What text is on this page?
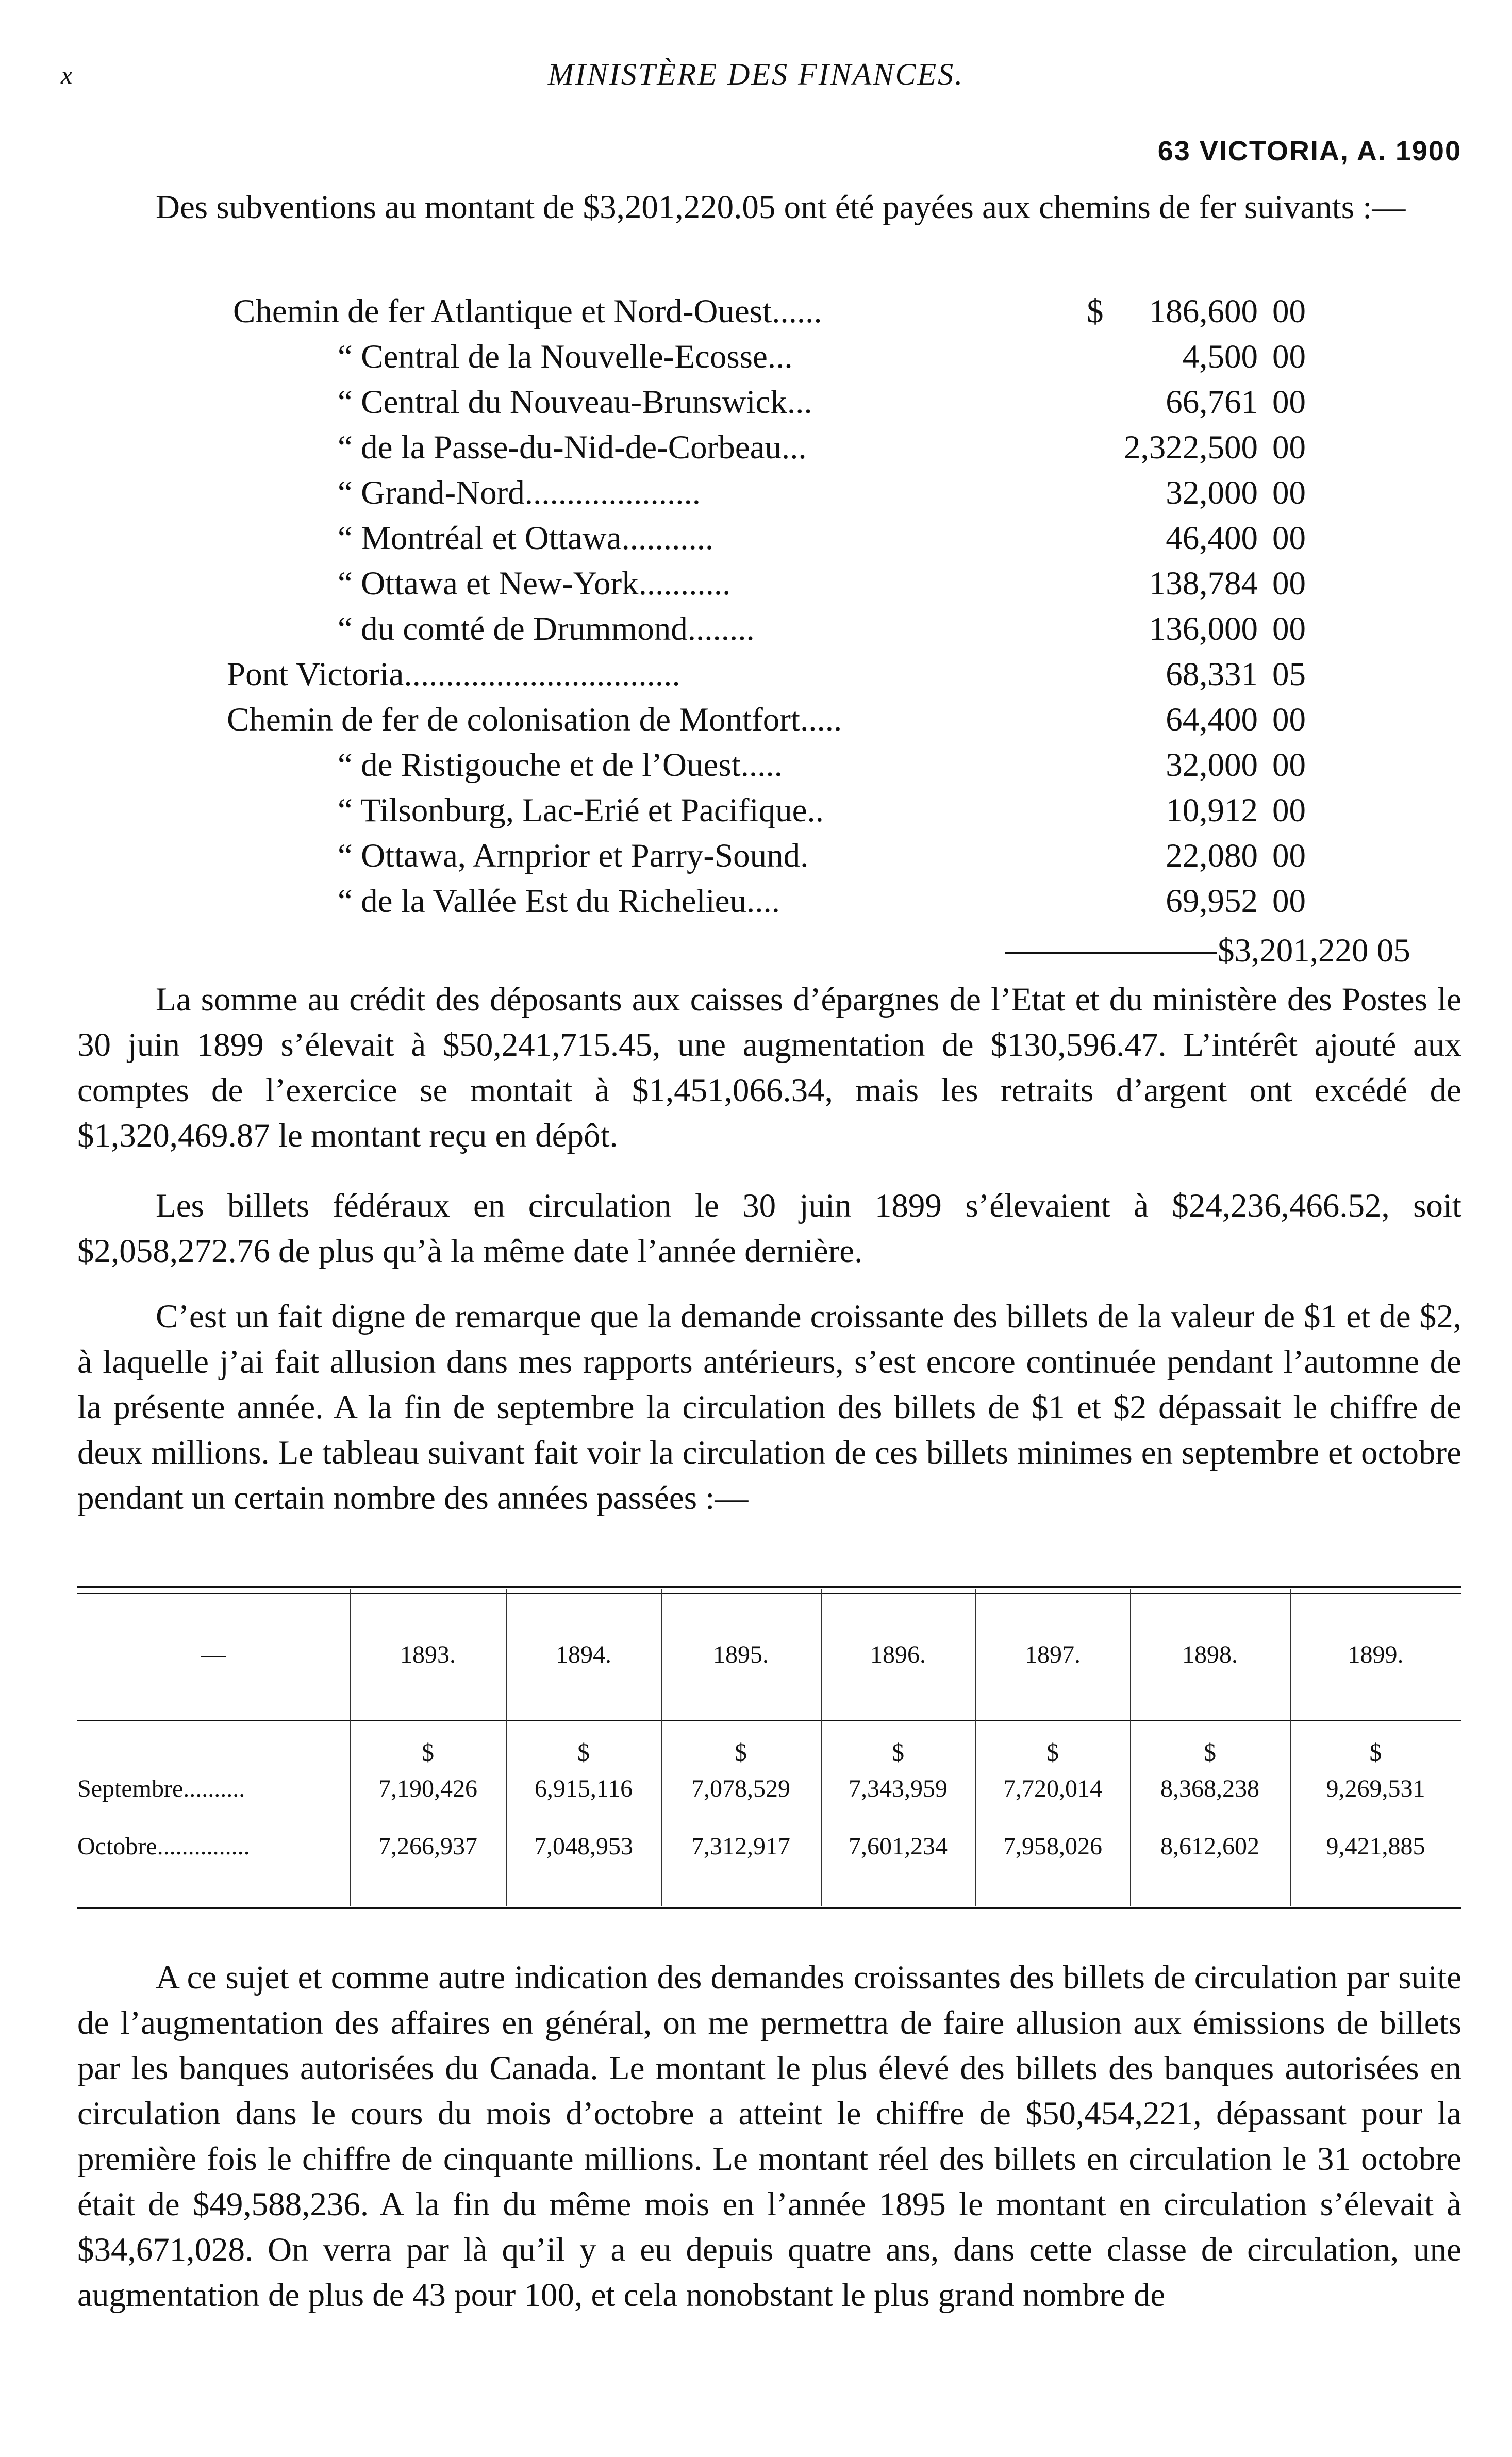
x	MINISTÈRE DES FINANCES.
63 VICTORIA, A. 1900
Des subventions au montant de $3,201,220.05 ont été payées aux chemins de fer suivants :—
Chemin de fer Atlantique et Nord-Ouest......	$	186,600 00
“ Central de la Nouvelle-Ecosse...	4,500 00
“ Central du Nouveau-Brunswick...	66,761 00
“ de la Passe-du-Nid-de-Corbeau...	2,322,500 00
“ Grand-Nord.....................	32,000 00
“ Montréal et Ottawa...........	46,400 00
“ Ottawa et New-York...........	138,784 00
“ du comté de Drummond........	136,000 00
Pont Victoria.................................	68,331 05
Chemin de fer de colonisation de Montfort.....	64,400 00
“ de Ristigouche et de l’Ouest.....	32,000 00
“ Tilsonburg, Lac-Erié et Pacifique..	10,912 00
“ Ottawa, Arnprior et Parry-Sound.	22,080 00
“ de la Vallée Est du Richelieu....	69,952 00
$3,201,220 05
La somme au crédit des déposants aux caisses d’épargnes de l’Etat et du ministère des Postes le 30 juin 1899 s’élevait à $50,241,715.45, une augmentation de $130,596.47. L’intérêt ajouté aux comptes de l’exercice se montait à $1,451,066.34, mais les retraits d’argent ont excédé de $1,320,469.87 le montant reçu en dépôt.
Les billets fédéraux en circulation le 30 juin 1899 s’élevaient à $24,236,466.52, soit $2,058,272.76 de plus qu’à la même date l’année dernière.
C’est un fait digne de remarque que la demande croissante des billets de la valeur de $1 et de $2, à laquelle j’ai fait allusion dans mes rapports antérieurs, s’est encore continuée pendant l’automne de la présente année. A la fin de septembre la circulation des billets de $1 et $2 dépassait le chiffre de deux millions. Le tableau suivant fait voir la circulation de ces billets minimes en septembre et octobre pendant un certain nombre des années passées :—
—	1893.	1894.	1895.	1896.	1897.	1898.	1899.
$	$	$	$	$	$	$
Septembre..........	7,190,426	6,915,116	7,078,529	7,343,959	7,720,014	8,368,238	9,269,531
Octobre...............	7,266,937	7,048,953	7,312,917	7,601,234	7,958,026	8,612,602	9,421,885
A ce sujet et comme autre indication des demandes croissantes des billets de circulation par suite de l’augmentation des affaires en général, on me permettra de faire allusion aux émissions de billets par les banques autorisées du Canada. Le montant le plus élevé des billets des banques autorisées en circulation dans le cours du mois d’octobre a atteint le chiffre de $50,454,221, dépassant pour la première fois le chiffre de cinquante millions. Le montant réel des billets en circulation le 31 octobre était de $49,588,236. A la fin du même mois en l’année 1895 le montant en circulation s’élevait à $34,671,028. On verra par là qu’il y a eu depuis quatre ans, dans cette classe de circulation, une augmentation de plus de 43 pour 100, et cela nonobstant le plus grand nombre de
